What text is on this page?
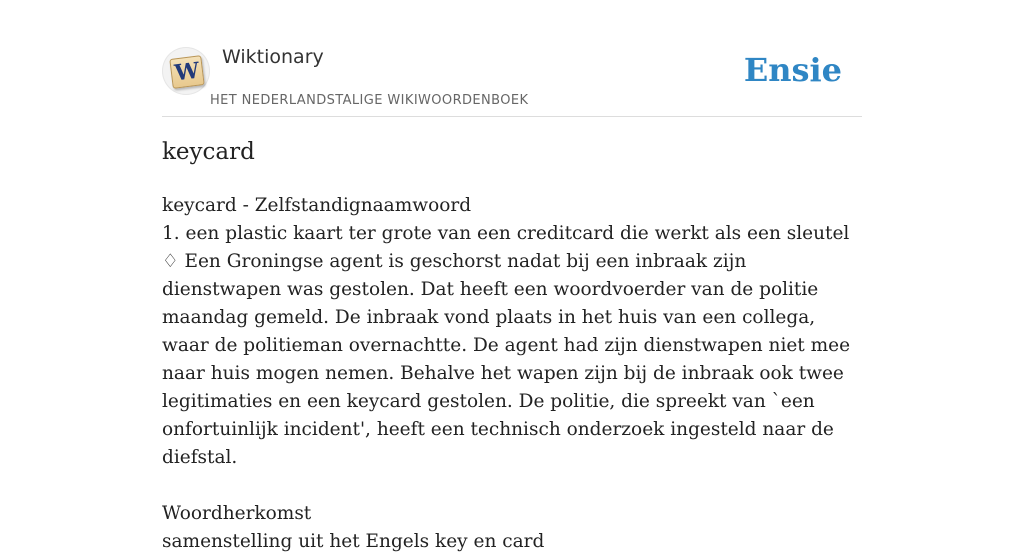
W
Wiktionary
HET NEDERLANDSTALIGE WIKIWOORDENBOEK
Ensie
keycard

keycard - Zelfstandignaamwoord

1. een plastic kaart ter grote van een creditcard die werkt als een sleutel

♢ Een Groningse agent is geschorst nadat bij een inbraak zijn dienstwapen was gestolen. Dat heeft een woordvoerder van de politie maandag gemeld. De inbraak vond plaats in het huis van een collega, waar de politieman overnachtte. De agent had zijn dienstwapen niet mee naar huis mogen nemen. Behalve het wapen zijn bij de inbraak ook twee legitimaties en een keycard gestolen. De politie, die spreekt van `een onfortuinlijk incident', heeft een technisch onderzoek ingesteld naar de diefstal.

Woordherkomst

samenstelling uit het Engels key en card
